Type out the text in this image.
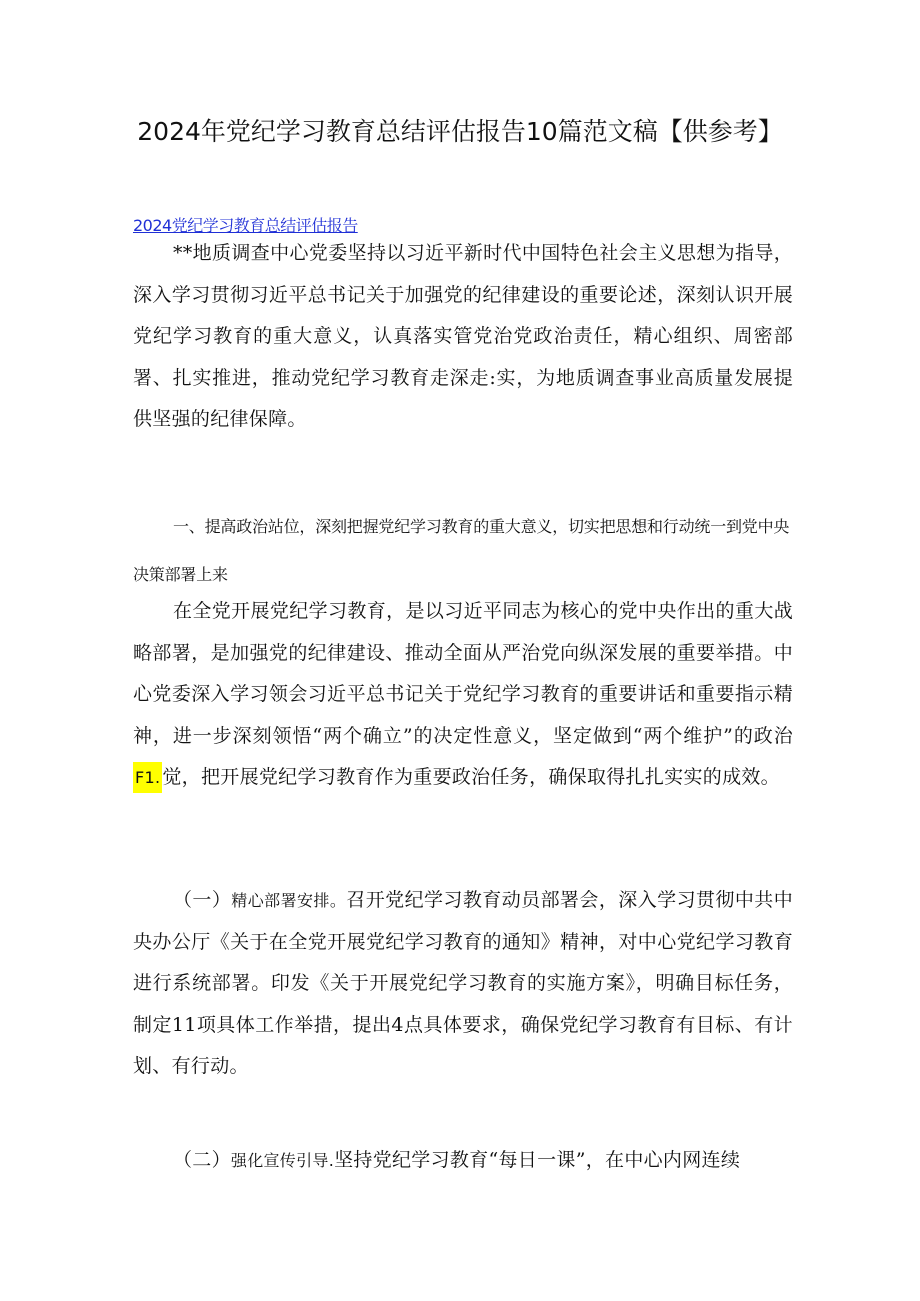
2024年党纪学习教育总结评估报告10篇范文稿【供参考】
2024党纪学习教育总结评估报告
**地质调查中心党委坚持以习近平新时代中国特色社会主义思想为指导，深入学习贯彻习近平总书记关于加强党的纪律建设的重要论述，深刻认识开展党纪学习教育的重大意义，认真落实管党治党政治责任，精心组织、周密部署、扎实推进，推动党纪学习教育走深走:实，为地质调查事业高质量发展提供坚强的纪律保障。
一、提高政治站位，深刻把握党纪学习教育的重大意义，切实把思想和行动统一到党中央决策部署上来
在全党开展党纪学习教育，是以习近平同志为核心的党中央作出的重大战略部署，是加强党的纪律建设、推动全面从严治党向纵深发展的重要举措。中心党委深入学习领会习近平总书记关于党纪学习教育的重要讲话和重要指示精神，进一步深刻领悟“两个确立”的决定性意义，坚定做到“两个维护”的政治F1. 觉，把开展党纪学习教育作为重要政治任务，确保取得扎扎实实的成效。
（一）精心部署安排。召开党纪学习教育动员部署会，深入学习贯彻中共中央办公厅《关于在全党开展党纪学习教育的通知》精神，对中心党纪学习教育进行系统部署。印发《关于开展党纪学习教育的实施方案》，明确目标任务，制定11项具体工作举措，提出4点具体要求，确保党纪学习教育有目标、有计划、有行动。
（二）强化宣传引导.坚持党纪学习教育“每日一课”，在中心内网连续
